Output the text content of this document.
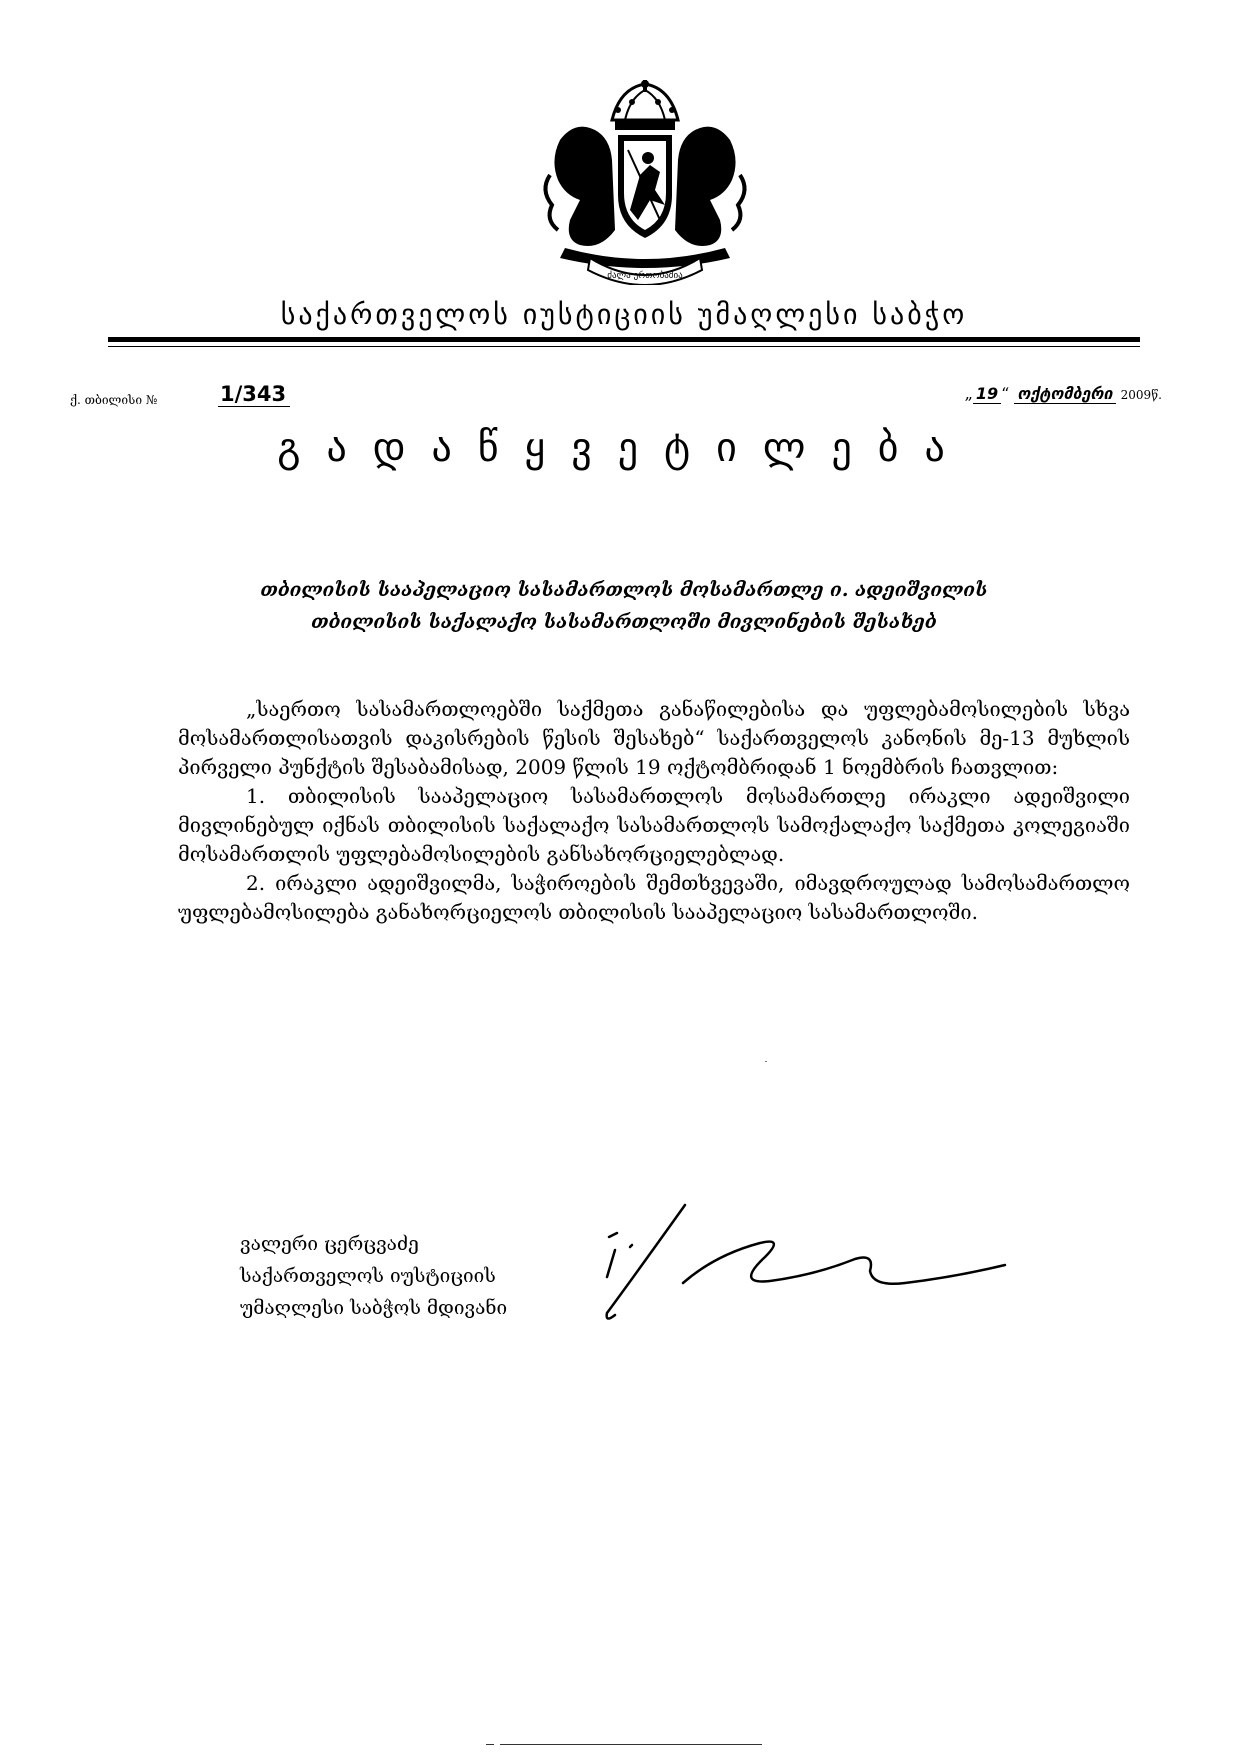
ძალა ერთობაშია
საქართველოს იუსტიციის უმაღლესი საბჭო
ქ. თბილისი №	1/343	„ 19 “ ოქტომბერი 2009წ.
გადაწყვეტილება
თბილისის სააპელაციო სასამართლოს მოსამართლე ი. ადეიშვილის
თბილისის საქალაქო სასამართლოში მივლინების შესახებ

„საერთო სასამართლოებში საქმეთა განაწილებისა და უფლებამოსილების სხვა მოსამართლისათვის დაკისრების წესის შესახებ“ საქართველოს კანონის მე-13 მუხლის პირველი პუნქტის შესაბამისად, 2009 წლის 19 ოქტომბრიდან 1 ნოემბრის ჩათვლით:

1. თბილისის სააპელაციო სასამართლოს მოსამართლე ირაკლი ადეიშვილი მივლინებულ იქნას თბილისის საქალაქო სასამართლოს სამოქალაქო საქმეთა კოლეგიაში მოსამართლის უფლებამოსილების განსახორციელებლად.

2. ირაკლი ადეიშვილმა, საჭიროების შემთხვევაში, იმავდროულად სამოსამართლო უფლებამოსილება განახორციელოს თბილისის სააპელაციო სასამართლოში.

ვალერი ცერცვაძე
საქართველოს იუსტიციის
უმაღლესი საბჭოს მდივანი
